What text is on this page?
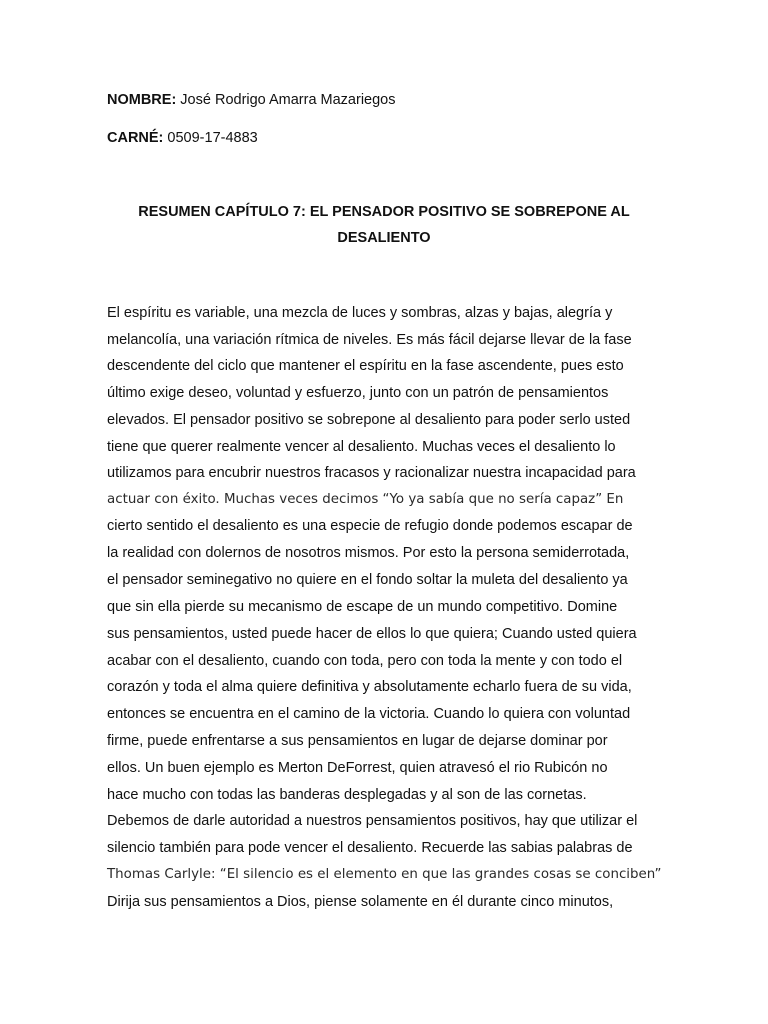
NOMBRE: José Rodrigo Amarra Mazariegos
CARNÉ: 0509-17-4883
RESUMEN CAPÍTULO 7: EL PENSADOR POSITIVO SE SOBREPONE AL
DESALIENTO
El espíritu es variable, una mezcla de luces y sombras, alzas y bajas, alegría y
melancolía, una variación rítmica de niveles. Es más fácil dejarse llevar de la fase
descendente del ciclo que mantener el espíritu en la fase ascendente, pues esto
último exige deseo, voluntad y esfuerzo, junto con un patrón de pensamientos
elevados. El pensador positivo se sobrepone al desaliento para poder serlo usted
tiene que querer realmente vencer al desaliento. Muchas veces el desaliento lo
utilizamos para encubrir nuestros fracasos y racionalizar nuestra incapacidad para
actuar con éxito. Muchas veces decimos “Yo ya sabía que no sería capaz” En
cierto sentido el desaliento es una especie de refugio donde podemos escapar de
la realidad con dolernos de nosotros mismos. Por esto la persona semiderrotada,
el pensador seminegativo no quiere en el fondo soltar la muleta del desaliento ya
que sin ella pierde su mecanismo de escape de un mundo competitivo. Domine
sus pensamientos, usted puede hacer de ellos lo que quiera; Cuando usted quiera
acabar con el desaliento, cuando con toda, pero con toda la mente y con todo el
corazón y toda el alma quiere definitiva y absolutamente echarlo fuera de su vida,
entonces se encuentra en el camino de la victoria. Cuando lo quiera con voluntad
firme, puede enfrentarse a sus pensamientos en lugar de dejarse dominar por
ellos. Un buen ejemplo es Merton DeForrest, quien atravesó el rio Rubicón no
hace mucho con todas las banderas desplegadas y al son de las cornetas.
Debemos de darle autoridad a nuestros pensamientos positivos, hay que utilizar el
silencio también para pode vencer el desaliento. Recuerde las sabias palabras de
Thomas Carlyle: “El silencio es el elemento en que las grandes cosas se conciben”
Dirija sus pensamientos a Dios, piense solamente en él durante cinco minutos,
